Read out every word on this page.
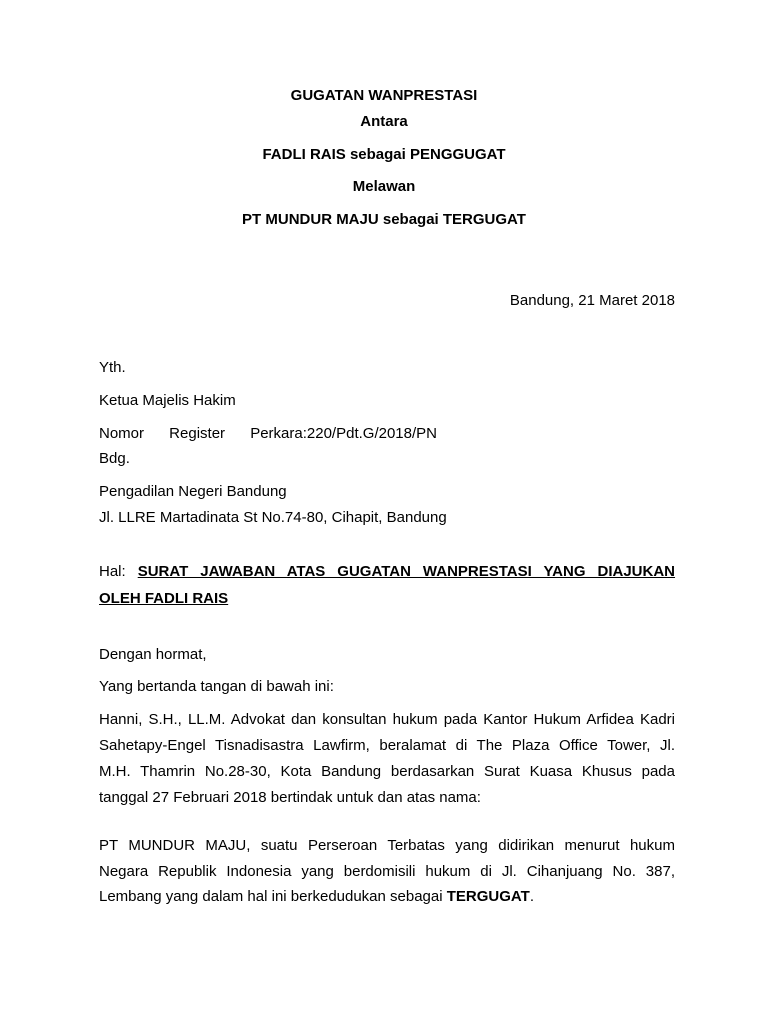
GUGATAN WANPRESTASI
Antara
FADLI RAIS sebagai PENGGUGAT
Melawan
PT MUNDUR MAJU sebagai TERGUGAT
Bandung, 21 Maret 2018
Yth.
Ketua Majelis Hakim
Nomor Register Perkara:220/Pdt.G/2018/PN
Bdg.
Pengadilan Negeri Bandung
Jl. LLRE Martadinata St No.74-80, Cihapit, Bandung
Hal: SURAT JAWABAN ATAS GUGATAN WANPRESTASI YANG DIAJUKAN
OLEH FADLI RAIS
Dengan hormat,
Yang bertanda tangan di bawah ini:
Hanni, S.H., LL.M. Advokat dan konsultan hukum pada Kantor Hukum Arfidea Kadri
Sahetapy-Engel Tisnadisastra Lawfirm, beralamat di The Plaza Office Tower, Jl.
M.H. Thamrin No.28-30, Kota Bandung berdasarkan Surat Kuasa Khusus pada
tanggal 27 Februari 2018 bertindak untuk dan atas nama:
PT MUNDUR MAJU, suatu Perseroan Terbatas yang didirikan menurut hukum
Negara Republik Indonesia yang berdomisili hukum di Jl. Cihanjuang No. 387,
Lembang yang dalam hal ini berkedudukan sebagai TERGUGAT.
